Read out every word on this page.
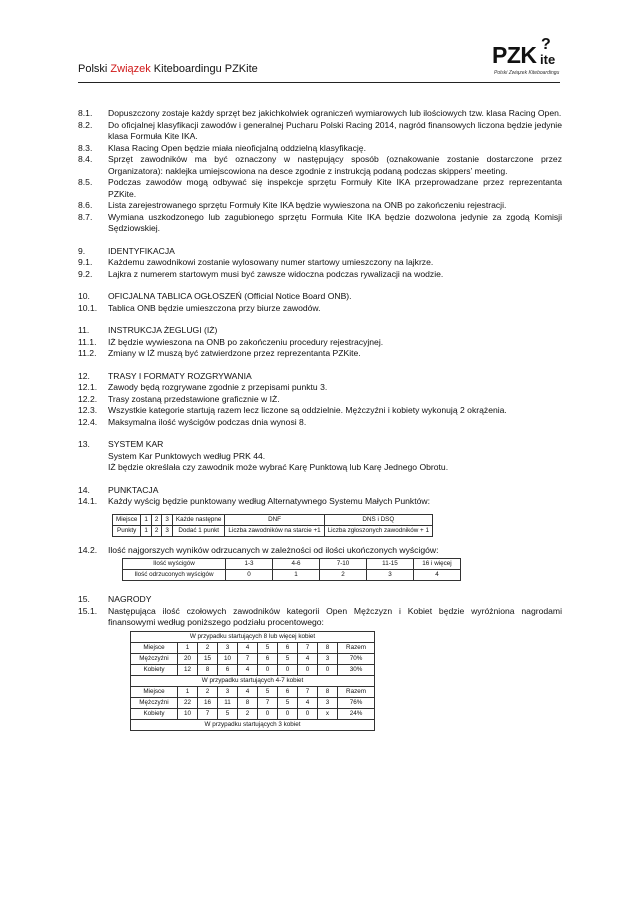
Polski Związek Kiteboardingu PZKite
PZK ?
ite
Polski Związek Kiteboardingu
8.1.	Dopuszczony zostaje każdy sprzęt bez jakichkolwiek ograniczeń wymiarowych lub ilościowych tzw. klasa Racing Open.
8.2.	Do oficjalnej klasyfikacji zawodów i generalnej Pucharu Polski Racing 2014, nagród finansowych liczona będzie jedynie klasa Formuła Kite IKA.
8.3.	Klasa Racing Open będzie miała nieoficjalną oddzielną klasyfikację.
8.4.	Sprzęt zawodników ma być oznaczony w następujący sposób (oznakowanie zostanie dostarczone przez Organizatora): naklejka umiejscowiona na desce zgodnie z instrukcją podaną podczas skippers’ meeting.
8.5.	Podczas zawodów mogą odbywać się inspekcje sprzętu Formuły Kite IKA przeprowadzane przez reprezentanta PZKite.
8.6.	Lista zarejestrowanego sprzętu Formuły Kite IKA będzie wywieszona na ONB po zakończeniu rejestracji.
8.7.	Wymiana uszkodzonego lub zagubionego sprzętu Formuła Kite IKA będzie dozwolona jedynie za zgodą Komisji Sędziowskiej.
9.	IDENTYFIKACJA
9.1.	Każdemu zawodnikowi zostanie wylosowany numer startowy umieszczony na lajkrze.
9.2.	Lajkra z numerem startowym musi być zawsze widoczna podczas rywalizacji na wodzie.
10.	OFICJALNA TABLICA OGŁOSZEŃ (Official Notice Board ONB).
10.1.	Tablica ONB będzie umieszczona przy biurze zawodów.
11.	INSTRUKCJA ŻEGLUGI (IŻ)
11.1.	IŻ będzie wywieszona na ONB po zakończeniu procedury rejestracyjnej.
11.2.	Zmiany w IŻ muszą być zatwierdzone przez reprezentanta PZKite.
12.	TRASY I FORMATY ROZGRYWANIA
12.1.	Zawody będą rozgrywane zgodnie z przepisami punktu 3.
12.2.	Trasy zostaną przedstawione graficznie w IŻ.
12.3.	Wszystkie kategorie startują razem lecz liczone są oddzielnie. Mężczyźni i kobiety wykonują 2 okrążenia.
12.4.	Maksymalna ilość wyścigów podczas dnia wynosi 8.
13.	SYSTEM KAR
System Kar Punktowych według PRK 44.
IŻ będzie określała czy zawodnik może wybrać Karę Punktową lub Karę Jednego Obrotu.
14.	PUNKTACJA
14.1.	Każdy wyścig będzie punktowany według Alternatywnego Systemu Małych Punktów:
Miejsce	1	2	3	Każde następne	DNF	DNS i DSQ
Punkty	1	2	3	Dodać 1 punkt	Liczba zawodników na starcie +1	Liczba zgłoszonych zawodników + 1
14.2.	Ilość najgorszych wyników odrzucanych w zależności od ilości ukończonych wyścigów:
Ilość wyścigów	1-3	4-6	7-10	11-15	16 i więcej
Ilość odrzuconych wyścigów	0	1	2	3	4
15.	NAGRODY
15.1.	Następująca ilość czołowych zawodników kategorii Open Mężczyzn i Kobiet będzie wyróżniona nagrodami finansowymi według poniższego podziału procentowego:
W przypadku startujących 8 lub więcej kobiet									
Miejsce	1	2	3	4	5	6	7	8	Razem
Mężczyźni	20	15	10	7	6	5	4	3	70%
Kobiety	12	8	6	4	0	0	0	0	30%
W przypadku startujących 4-7 kobiet									
Miejsce	1	2	3	4	5	6	7	8	Razem
Mężczyźni	22	16	11	8	7	5	4	3	76%
Kobiety	10	7	5	2	0	0	0	x	24%
W przypadku startujących 3 kobiet									
